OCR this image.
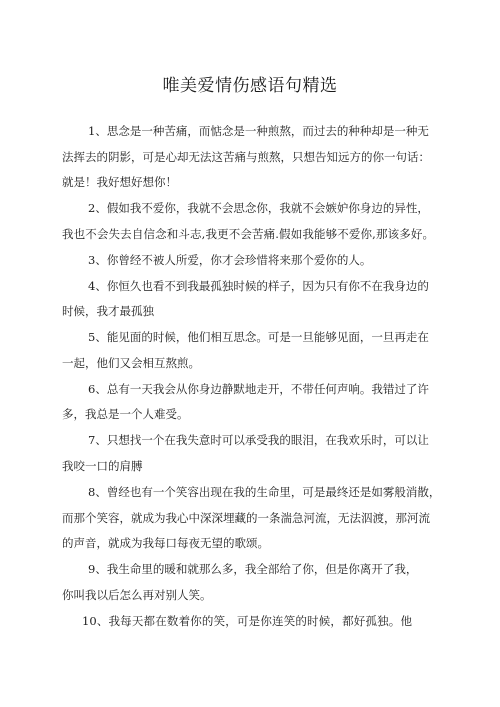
唯美爱情伤感语句精选
1、思念是一种苦痛，而惦念是一种煎熬，而过去的种种却是一种无
法挥去的阴影，可是心却无法这苦痛与煎熬，只想告知远方的你一句话：
就是！我好想好想你！
2、假如我不爱你，我就不会思念你，我就不会嫉妒你身边的异性，
我也不会失去自信念和斗志,我更不会苦痛.假如我能够不爱你,那该多好。
3、你曾经不被人所爱，你才会珍惜将来那个爱你的人。
4、你恒久也看不到我最孤独时候的样子，因为只有你不在我身边的
时候，我才最孤独
5、能见面的时候，他们相互思念。可是一旦能够见面，一旦再走在
一起，他们又会相互熬煎。
6、总有一天我会从你身边静默地走开，不带任何声响。我错过了许
多，我总是一个人难受。
7、只想找一个在我失意时可以承受我的眼泪，在我欢乐时，可以让
我咬一口的肩膊
8、曾经也有一个笑容出现在我的生命里，可是最终还是如雾般消散，
而那个笑容，就成为我心中深深埋藏的一条湍急河流，无法泅渡，那河流
的声音，就成为我每口每夜无望的歌颂。
9、我生命里的暖和就那么多，我全部给了你，但是你离开了我，
你叫我以后怎么再对别人笑。
10、我每天都在数着你的笑，可是你连笑的时候，都好孤独。他
